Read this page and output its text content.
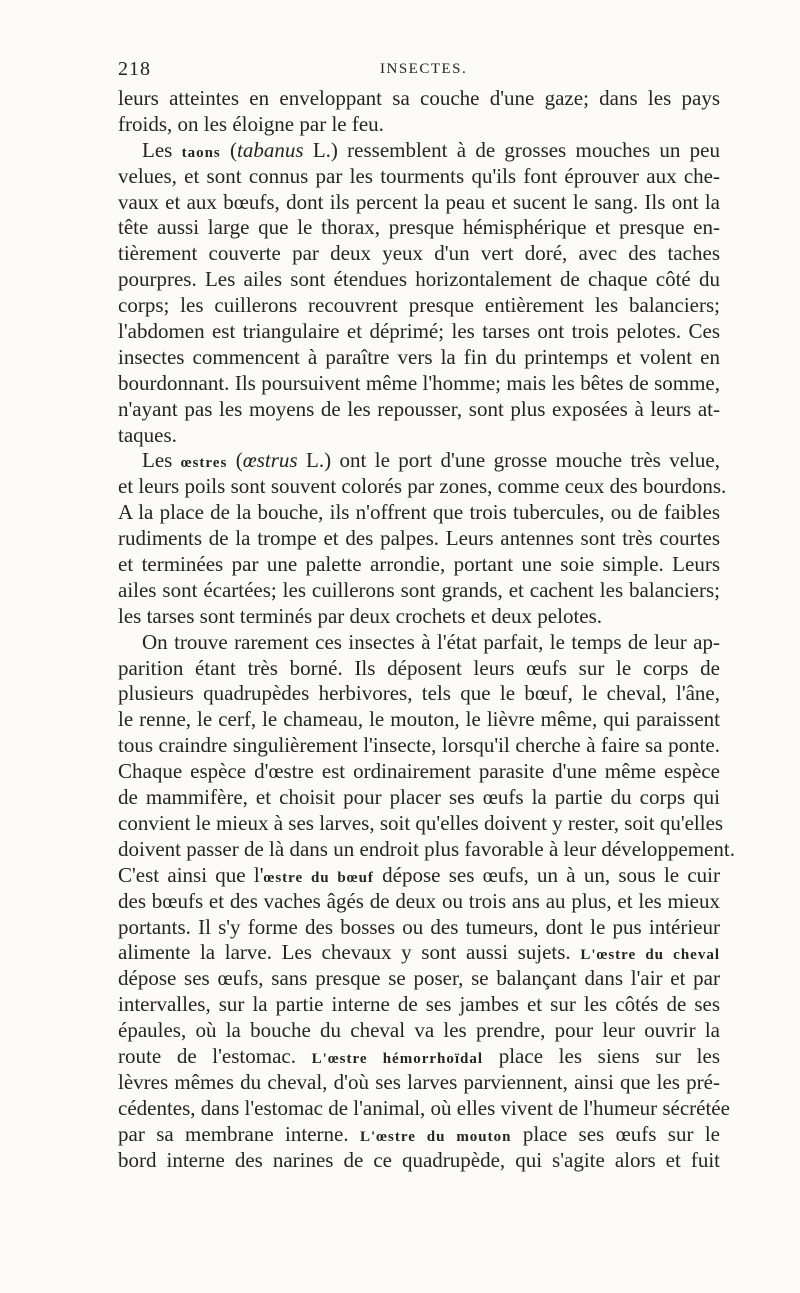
218	INSECTES.
leurs atteintes en enveloppant sa couche d'une gaze; dans les pays
froids, on les éloigne par le feu.
Les taons (tabanus L.) ressemblent à de grosses mouches un peu
velues, et sont connus par les tourments qu'ils font éprouver aux che-
vaux et aux bœufs, dont ils percent la peau et sucent le sang. Ils ont la
tête aussi large que le thorax, presque hémisphérique et presque en-
tièrement couverte par deux yeux d'un vert doré, avec des taches
pourpres. Les ailes sont étendues horizontalement de chaque côté du
corps; les cuillerons recouvrent presque entièrement les balanciers;
l'abdomen est triangulaire et déprimé; les tarses ont trois pelotes. Ces
insectes commencent à paraître vers la fin du printemps et volent en
bourdonnant. Ils poursuivent même l'homme; mais les bêtes de somme,
n'ayant pas les moyens de les repousser, sont plus exposées à leurs at-
taques.
Les œstres (œstrus L.) ont le port d'une grosse mouche très velue,
et leurs poils sont souvent colorés par zones, comme ceux des bourdons.
A la place de la bouche, ils n'offrent que trois tubercules, ou de faibles
rudiments de la trompe et des palpes. Leurs antennes sont très courtes
et terminées par une palette arrondie, portant une soie simple. Leurs
ailes sont écartées; les cuillerons sont grands, et cachent les balanciers;
les tarses sont terminés par deux crochets et deux pelotes.
On trouve rarement ces insectes à l'état parfait, le temps de leur ap-
parition étant très borné. Ils déposent leurs œufs sur le corps de
plusieurs quadrupèdes herbivores, tels que le bœuf, le cheval, l'âne,
le renne, le cerf, le chameau, le mouton, le lièvre même, qui paraissent
tous craindre singulièrement l'insecte, lorsqu'il cherche à faire sa ponte.
Chaque espèce d'œstre est ordinairement parasite d'une même espèce
de mammifère, et choisit pour placer ses œufs la partie du corps qui
convient le mieux à ses larves, soit qu'elles doivent y rester, soit qu'elles
doivent passer de là dans un endroit plus favorable à leur développement.
C'est ainsi que l'œstre du bœuf dépose ses œufs, un à un, sous le cuir
des bœufs et des vaches âgés de deux ou trois ans au plus, et les mieux
portants. Il s'y forme des bosses ou des tumeurs, dont le pus intérieur
alimente la larve. Les chevaux y sont aussi sujets. L'œstre du cheval
dépose ses œufs, sans presque se poser, se balançant dans l'air et par
intervalles, sur la partie interne de ses jambes et sur les côtés de ses
épaules, où la bouche du cheval va les prendre, pour leur ouvrir la
route de l'estomac. L'œstre hémorrhoïdal place les siens sur les
lèvres mêmes du cheval, d'où ses larves parviennent, ainsi que les pré-
cédentes, dans l'estomac de l'animal, où elles vivent de l'humeur sécrétée
par sa membrane interne. L'œstre du mouton place ses œufs sur le
bord interne des narines de ce quadrupède, qui s'agite alors et fuit
